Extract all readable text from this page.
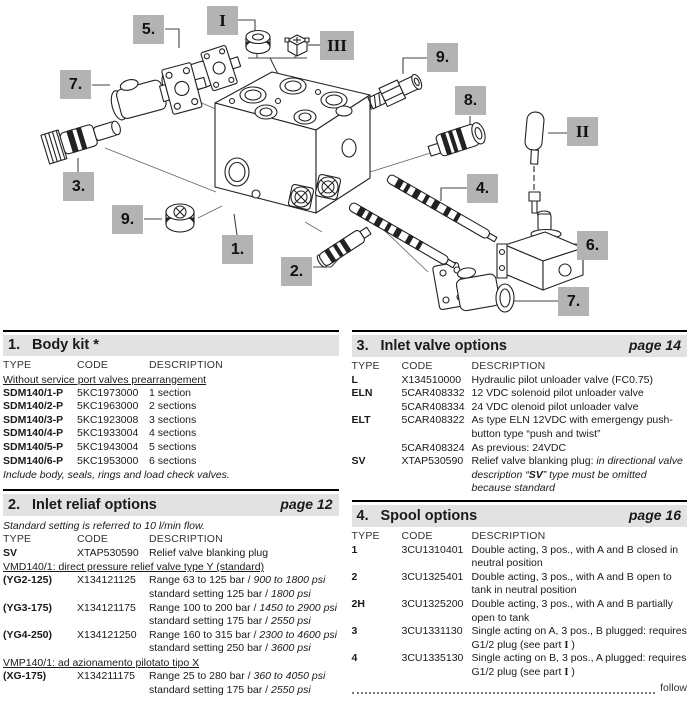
1.
2.
3.	4.
5.
6.
7.
7.
8.
9.
9.
I
II
III
1. Body kit *
TYPE	CODE	DESCRIPTION
Without service port valves prearrangement
SDM140/1-P	5KC1973000	1 section
SDM140/2-P	5KC1963000	2 sections
SDM140/3-P	5KC1923008	3 sections
SDM140/4-P	5KC1933004	4 sections
SDM140/5-P	5KC1943004	5 sections
SDM140/6-P	5KC1953000	6 sections
Include body, seals, rings and load check valves.
2. Inlet reliaf options	page 12
Standard setting is referred to 10 l/min flow.
TYPE	CODE	DESCRIPTION
SV	XTAP530590 Relief valve blanking plug
VMD140/1: direct pressure relief valve type Y (standard)
(YG2-125)	X134121125	Range 63 to 125 bar / 900 to 1800 psi
standard setting 125 bar / 1800 psi
(YG3-175)	X134121175	Range 100 to 200 bar / 1450 to 2900 psi
standard setting 175 bar / 2550 psi
(YG4-250)	X134121250	Range 160 to 315 bar / 2300 to 4600 psi
standard setting 250 bar / 3600 psi
VMP140/1: ad azionamento pilotato tipo X
(XG-175)	X134211175	Range 25 to 280 bar / 360 to 4050 psi
standard setting 175 bar / 2550 psi
3. Inlet valve options	page 14
TYPE	CODE	DESCRIPTION
L	X134510000 Hydraulic pilot unloader valve (FC0.75)
ELN	5CAR408332 12 VDC solenoid pilot unloader valve
5CAR408334 24 VDC olenoid pilot unloader valve
ELT	5CAR408322 As type ELN 12VDC with emergengy push-button type “push and twist”
5CAR408324 As previous: 24VDC
SV	XTAP530590 Relief valve blanking plug: in directional valve description “SV” type must be omitted because standard
4. Spool options	page 16
TYPE	CODE	DESCRIPTION
1	3CU1310401 Double acting, 3 pos., with A and B closed in neutral position
2	3CU1325401 Double acting, 3 pos., with A and B open to tank in neutral position
2H	3CU1325200 Double acting, 3 pos., with A and B partially open to tank
3	3CU1331130 Single acting on A, 3 pos., B plugged: requires G1/2 plug (see part I )
4	3CU1335130 Single acting on B, 3 pos., A plugged: requires G1/2 plug (see part I )
follow
